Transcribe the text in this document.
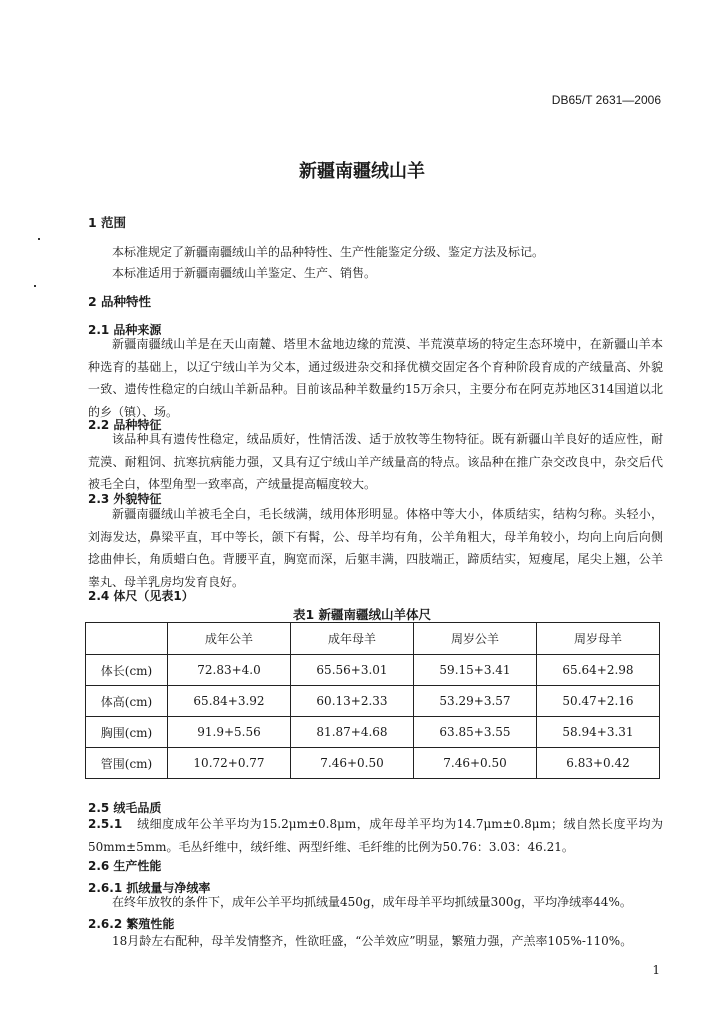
DB65/T 2631—2006
新疆南疆绒山羊
1 范围
本标准规定了新疆南疆绒山羊的品种特性、生产性能鉴定分级、鉴定方法及标记。
本标准适用于新疆南疆绒山羊鉴定、生产、销售。
2 品种特性
2.1 品种来源
新疆南疆绒山羊是在天山南麓、塔里木盆地边缘的荒漠、半荒漠草场的特定生态环境中，在新疆山羊本种选育的基础上，以辽宁绒山羊为父本，通过级进杂交和择优横交固定各个育种阶段育成的产绒量高、外貌一致、遗传性稳定的白绒山羊新品种。目前该品种羊数量约15万余只，主要分布在阿克苏地区314国道以北的乡（镇）、场。
2.2 品种特征
该品种具有遗传性稳定，绒品质好，性情活泼、适于放牧等生物特征。既有新疆山羊良好的适应性，耐荒漠、耐粗饲、抗寒抗病能力强，又具有辽宁绒山羊产绒量高的特点。该品种在推广杂交改良中，杂交后代被毛全白，体型角型一致率高，产绒量提高幅度较大。
2.3 外貌特征
新疆南疆绒山羊被毛全白，毛长绒满，绒用体形明显。体格中等大小，体质结实，结构匀称。头轻小，刘海发达，鼻梁平直，耳中等长，颌下有髯，公、母羊均有角，公羊角粗大，母羊角较小，均向上向后向侧捻曲伸长，角质蜡白色。背腰平直，胸宽而深，后躯丰满，四肢端正，蹄质结实，短瘦尾，尾尖上翘，公羊睾丸、母羊乳房均发育良好。
2.4 体尺（见表1）
表1 新疆南疆绒山羊体尺
	成年公羊	成年母羊	周岁公羊	周岁母羊
体长(cm)	72.83+4.0	65.56+3.01	59.15+3.41	65.64+2.98
体高(cm)	65.84+3.92	60.13+2.33	53.29+3.57	50.47+2.16
胸围(cm)	91.9+5.56	81.87+4.68	63.85+3.55	58.94+3.31
管围(cm)	10.72+0.77	7.46+0.50	7.46+0.50	6.83+0.42
2.5 绒毛品质
2.5.1 绒细度成年公羊平均为15.2μm±0.8μm，成年母羊平均为14.7μm±0.8μm；绒自然长度平均为50mm±5mm。毛丛纤维中，绒纤维、两型纤维、毛纤维的比例为50.76：3.03：46.21。
2.6 生产性能
2.6.1 抓绒量与净绒率
在终年放牧的条件下，成年公羊平均抓绒量450g，成年母羊平均抓绒量300g，平均净绒率44%。
2.6.2 繁殖性能
18月龄左右配种，母羊发情整齐，性欲旺盛，“公羊效应”明显，繁殖力强，产羔率105%-110%。
1
